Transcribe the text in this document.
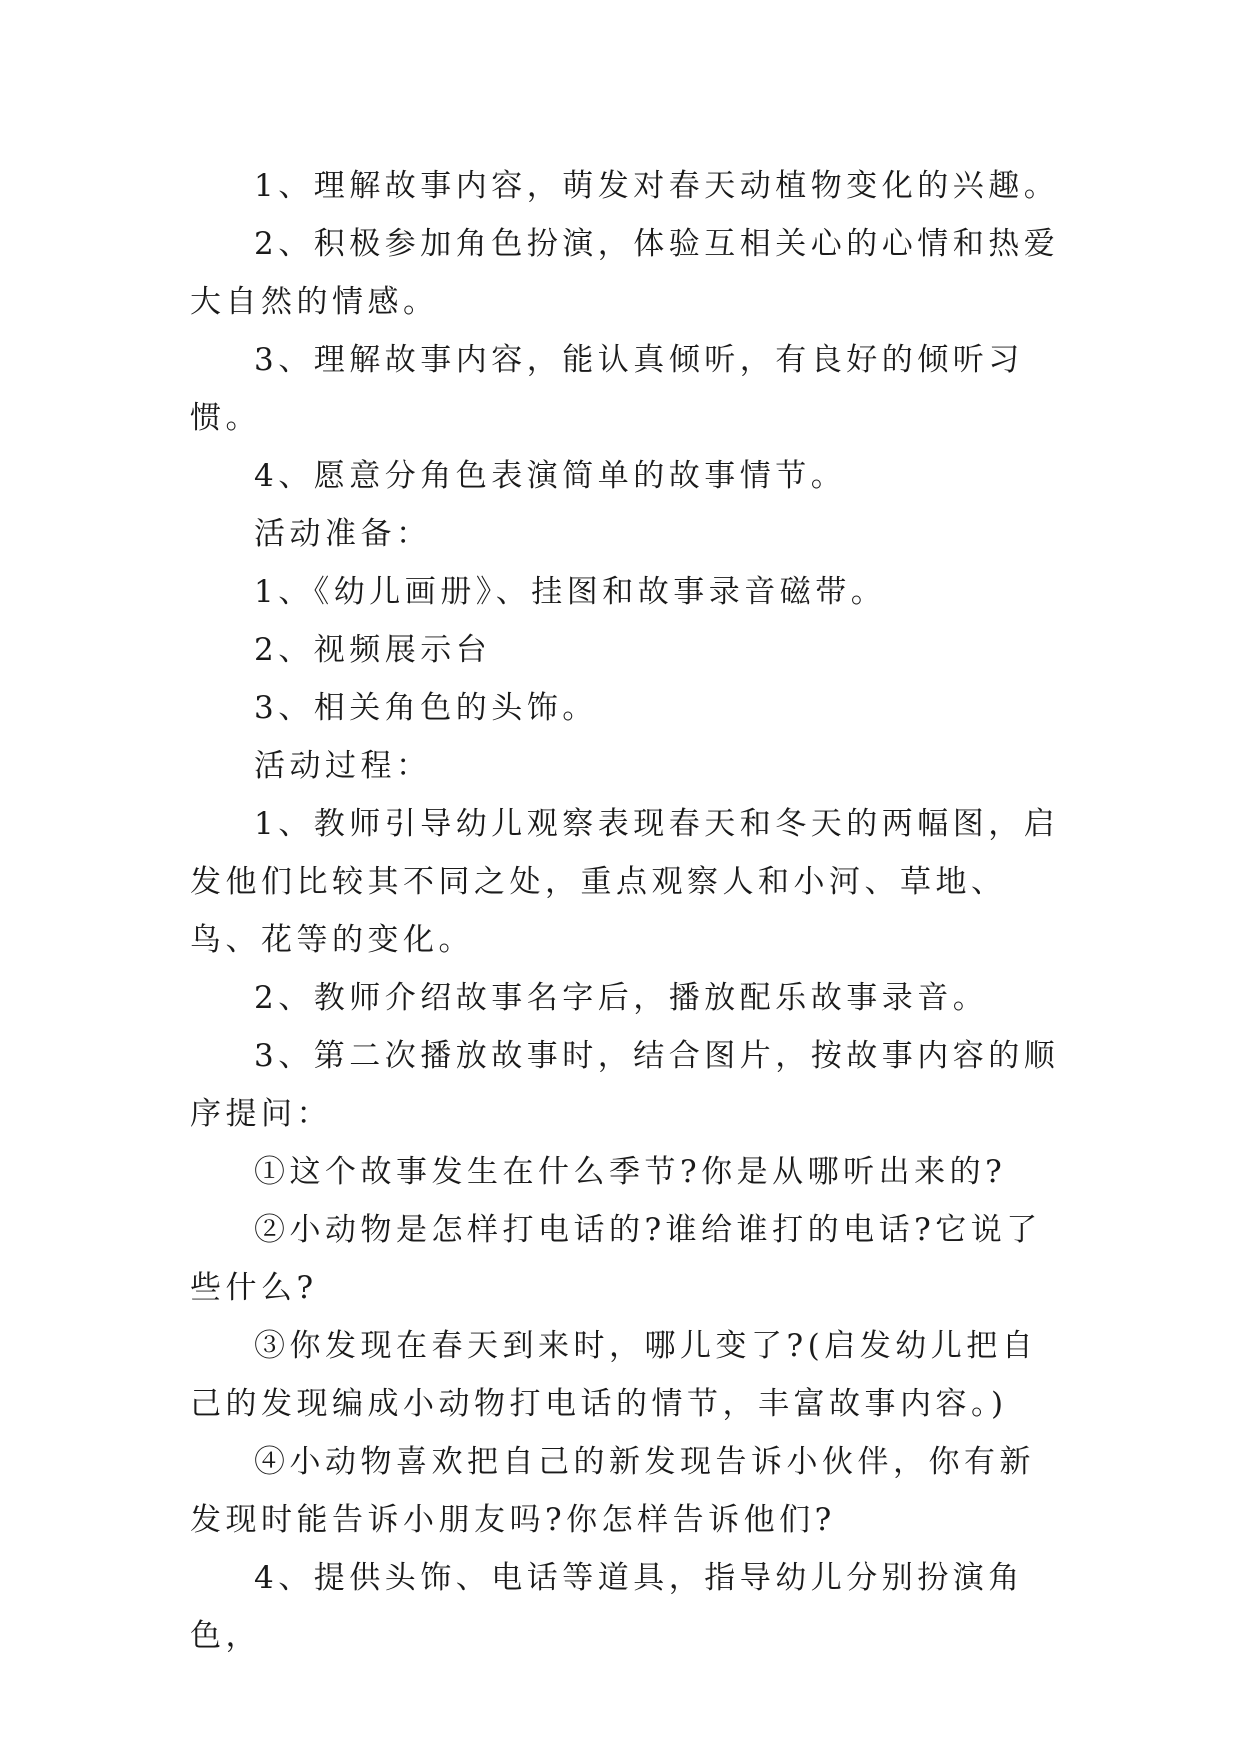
1、理解故事内容，萌发对春天动植物变化的兴趣。

2、积极参加角色扮演，体验互相关心的心情和热爱大自然的情感。

3、理解故事内容，能认真倾听，有良好的倾听习惯。

4、愿意分角色表演简单的故事情节。

活动准备：

1、《幼儿画册》、挂图和故事录音磁带。

2、视频展示台

3、相关角色的头饰。

活动过程：

1、教师引导幼儿观察表现春天和冬天的两幅图，启发他们比较其不同之处，重点观察人和小河、草地、鸟、花等的变化。

2、教师介绍故事名字后，播放配乐故事录音。

3、第二次播放故事时，结合图片，按故事内容的顺序提问：

①这个故事发生在什么季节?你是从哪听出来的?

②小动物是怎样打电话的?谁给谁打的电话?它说了些什么?

③你发现在春天到来时，哪儿变了?(启发幼儿把自己的发现编成小动物打电话的情节，丰富故事内容。)

④小动物喜欢把自己的新发现告诉小伙伴，你有新发现时能告诉小朋友吗?你怎样告诉他们?

4、提供头饰、电话等道具，指导幼儿分别扮演角色，
